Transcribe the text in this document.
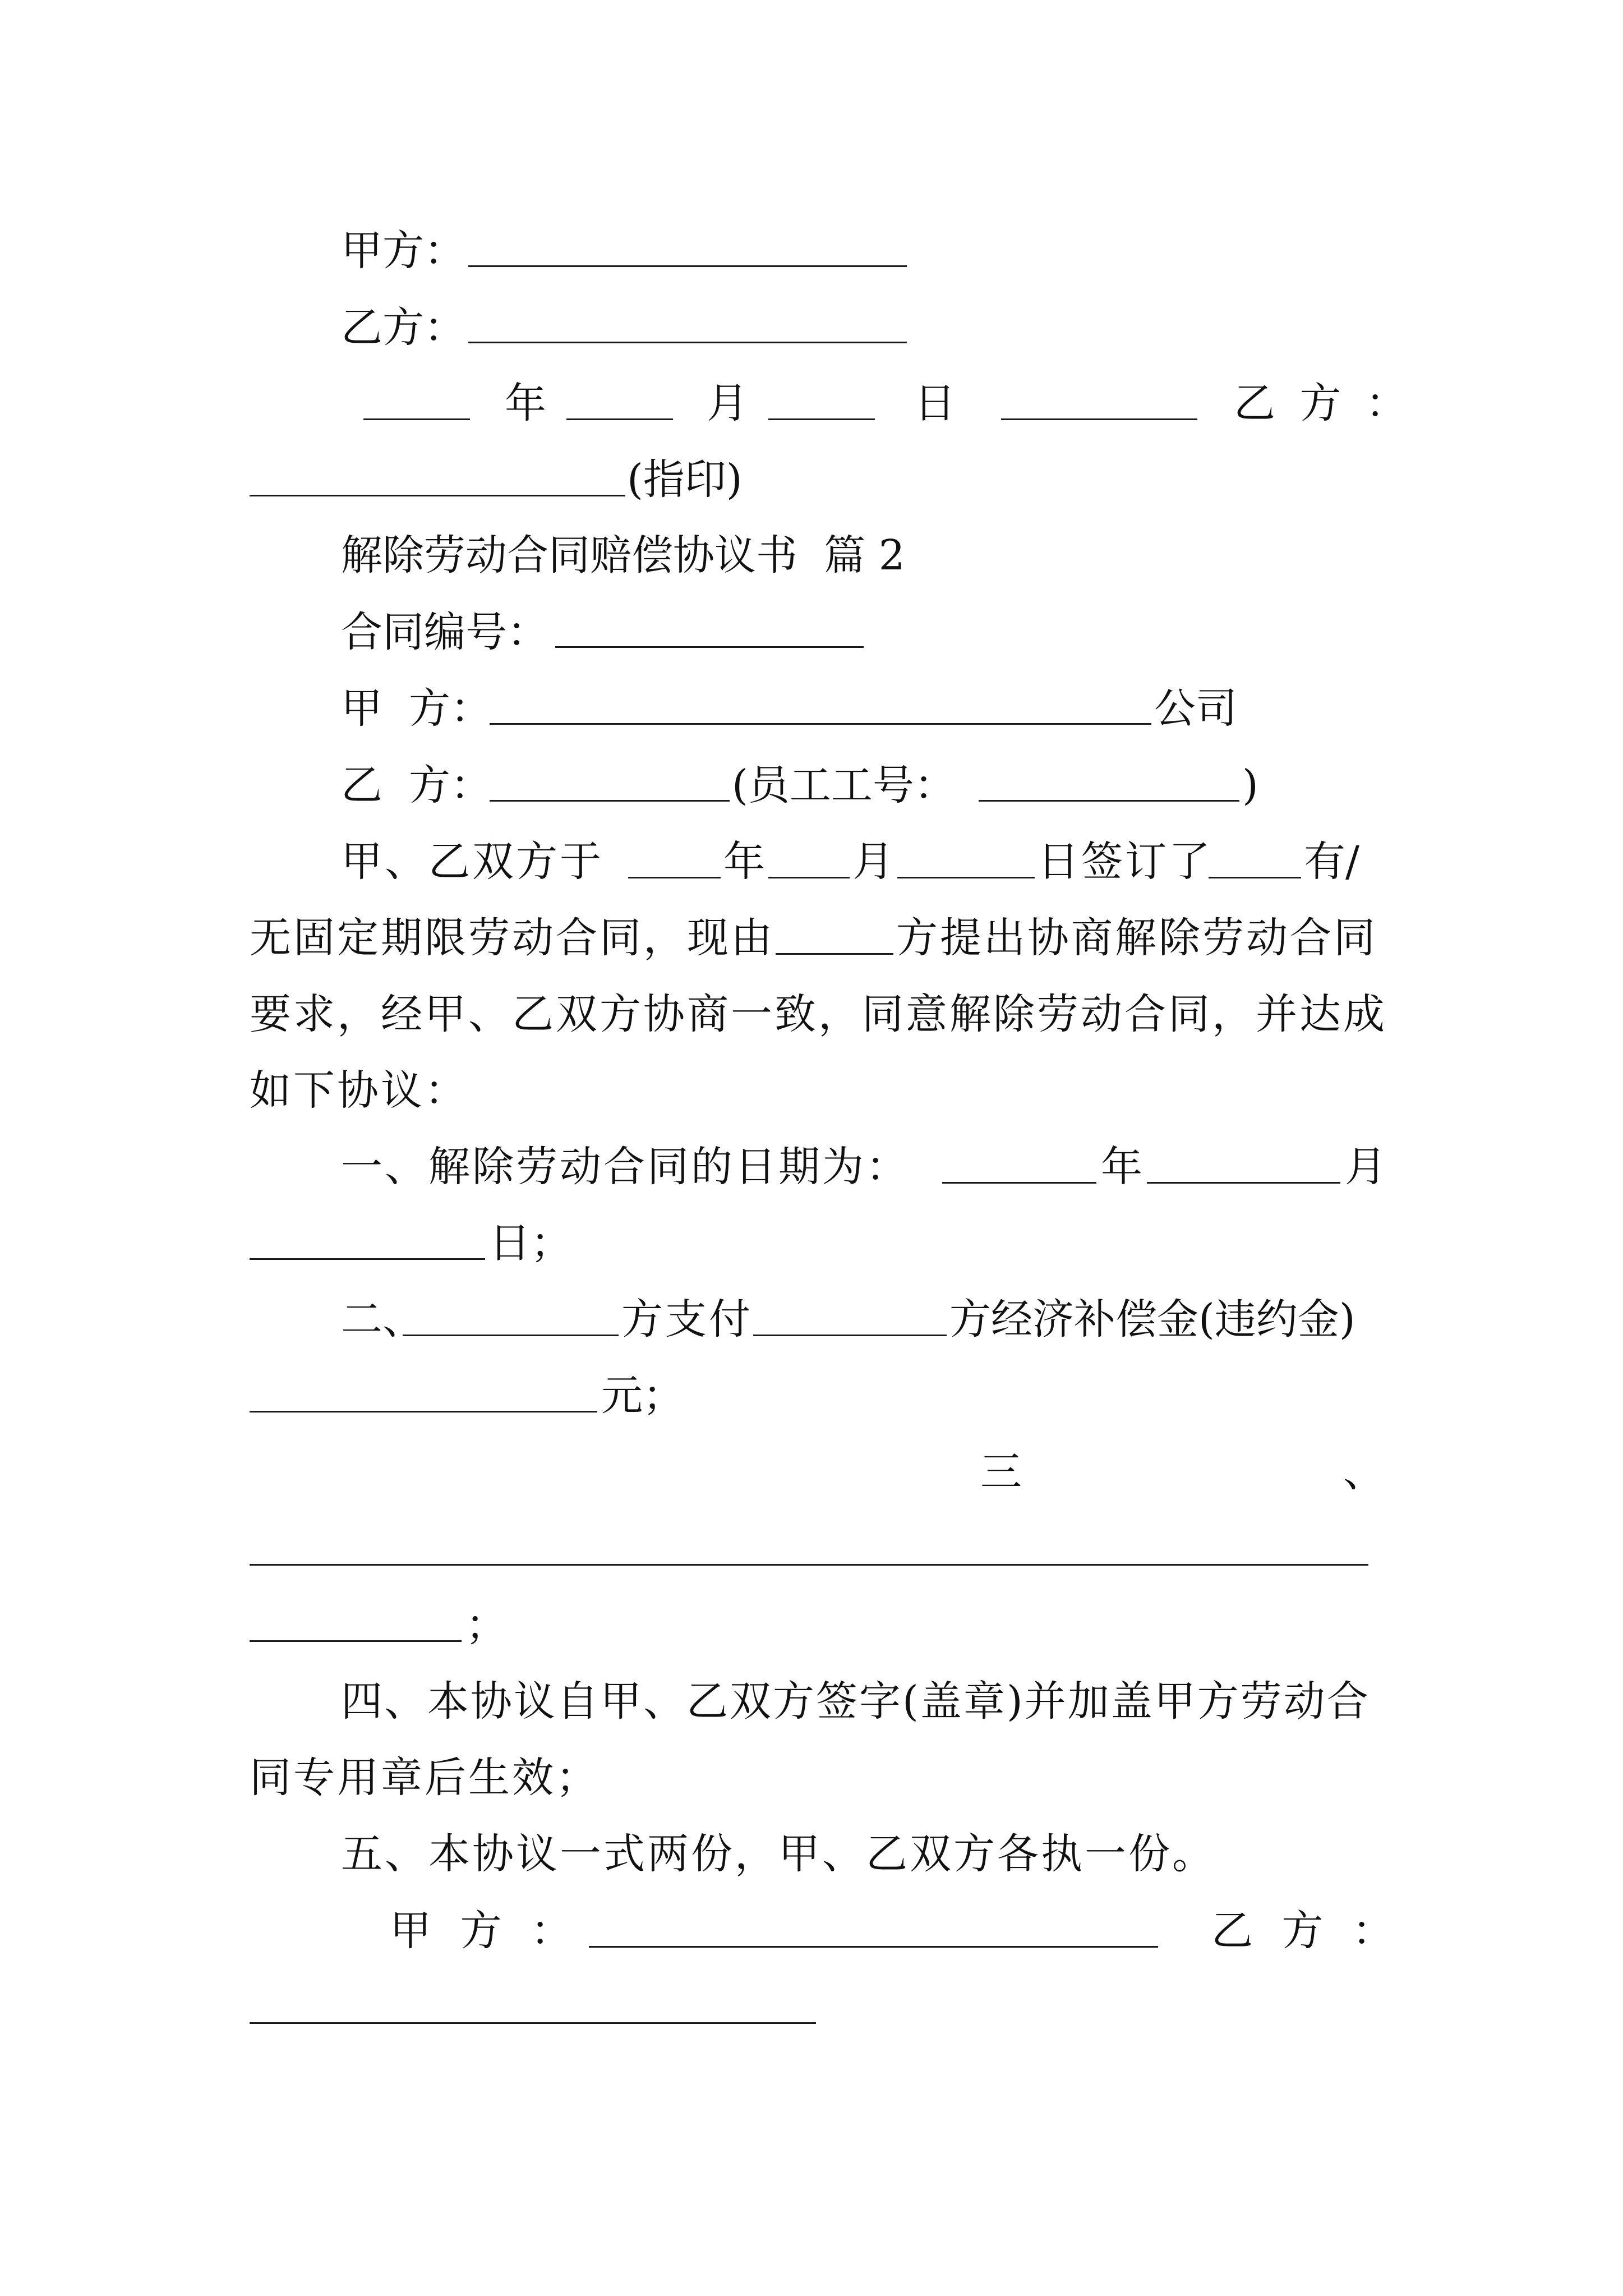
甲方：
乙方：
年	月	日	乙 方 ：
(指印)
解除劳动合同赔偿协议书  篇 2
合同编号：
甲  方：	公司
乙  方：	(员工工号：	)
甲、乙双方于	年 月	日签订了 有/
无固定期限劳动合同，现由	方提出协商解除劳动合同
要求，经甲、乙双方协商一致，同意解除劳动合同，并达成
如下协议：
一、解除劳动合同的日期为：	年	月
日；
二、	方支付	方经济补偿金(违约金)
元；
三	、
；
四、本协议自甲、乙双方签字(盖章)并加盖甲方劳动合
同专用章后生效；
五、本协议一式两份，甲、乙双方各执一份。
甲 方 ：	乙 方 ：
